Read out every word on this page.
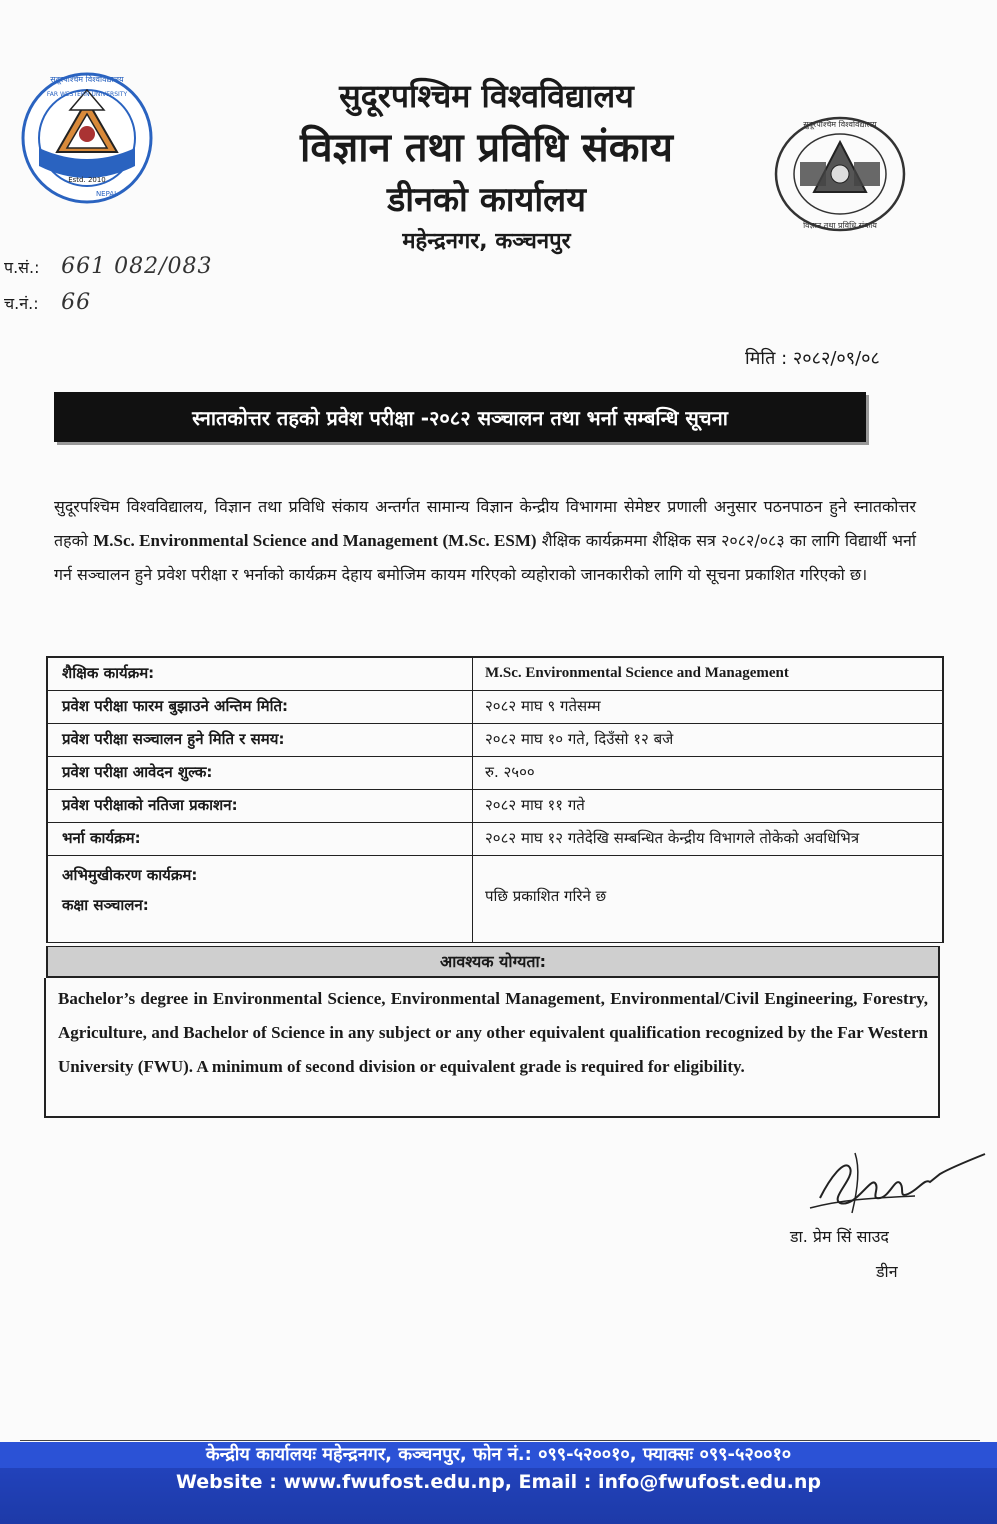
Estd. 2010
FAR WESTERN UNIVERSITY
NEPAL
सुदूरपश्चिम विश्वविद्यालय	सुदूरपश्चिम विश्वविद्यालय
विज्ञान तथा प्रविधि संकाय
डीनको कार्यालय
महेन्द्रनगर, कञ्चनपुर
सुदूरपश्चिम विश्वविद्यालय
विज्ञान तथा प्रविधि संकाय
प.सं.: 661 082/083
च.नं.: 66
मिति : २०८२/०९/०८
स्नातकोत्तर तहको प्रवेश परीक्षा -२०८२ सञ्चालन तथा भर्ना सम्बन्धि सूचना
सुदूरपश्चिम विश्वविद्यालय, विज्ञान तथा प्रविधि संकाय अन्तर्गत सामान्य विज्ञान केन्द्रीय विभागमा सेमेष्टर प्रणाली अनुसार पठनपाठन हुने स्नातकोत्तर तहको M.Sc. Environmental Science and Management (M.Sc. ESM) शैक्षिक कार्यक्रममा शैक्षिक सत्र २०८२/०८३ का लागि विद्यार्थी भर्ना गर्न सञ्चालन हुने प्रवेश परीक्षा र भर्नाको कार्यक्रम देहाय बमोजिम कायम गरिएको व्यहोराको जानकारीको लागि यो सूचना प्रकाशित गरिएको छ।
शैक्षिक कार्यक्रम:	M.Sc. Environmental Science and Management
प्रवेश परीक्षा फारम बुझाउने अन्तिम मिति:	२०८२ माघ ९ गतेसम्म
प्रवेश परीक्षा सञ्चालन हुने मिति र समय:	२०८२ माघ १० गते, दिउँसो १२ बजे
प्रवेश परीक्षा आवेदन शुल्क:	रु. २५००
प्रवेश परीक्षाको नतिजा प्रकाशन:	२०८२ माघ ११ गते
भर्ना कार्यक्रम:	२०८२ माघ १२ गतेदेखि सम्बन्धित केन्द्रीय विभागले तोकेको अवधिभित्र
अभिमुखीकरण कार्यक्रम:
कक्षा सञ्चालन:	पछि प्रकाशित गरिने छ
आवश्यक योग्यता:
Bachelor’s degree in Environmental Science, Environmental Management, Environmental/Civil Engineering, Forestry, Agriculture, and Bachelor of Science in any subject or any other equivalent qualification recognized by the Far Western University (FWU). A minimum of second division or equivalent grade is required for eligibility.
डा. प्रेम सिं साउद
डीन
केन्द्रीय कार्यालयः महेन्द्रनगर, कञ्चनपुर, फोन नं.: ०९९-५२००१०, फ्याक्सः ०९९-५२००१०
Website : www.fwufost.edu.np, Email : info@fwufost.edu.np
